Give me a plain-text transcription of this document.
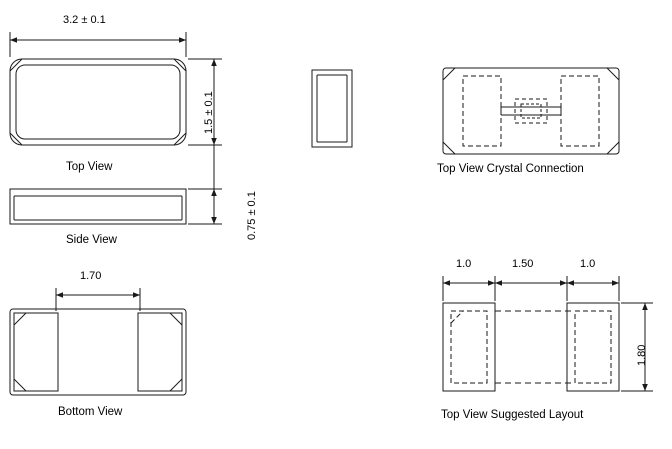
3.2 ± 0.1
1.5 ± 0.1
0.75 ± 0.1
1.70
1.0	1.50	1.0
1.80
Top View
Side View
Bottom View
Top View Crystal Connection
Top View Suggested Layout
